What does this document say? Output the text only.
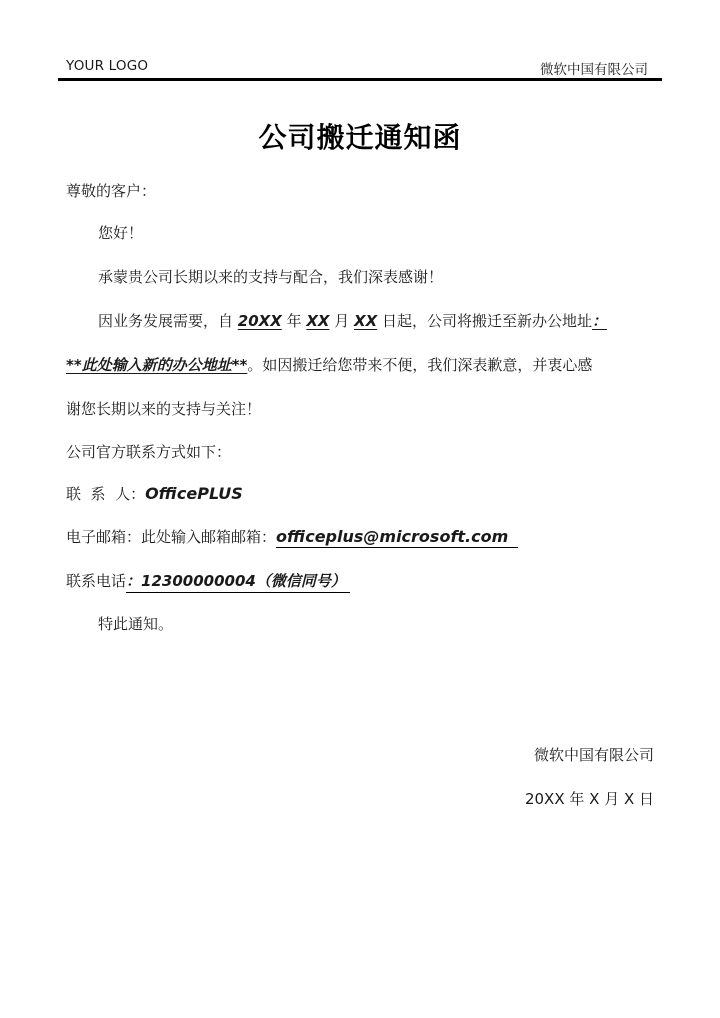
YOUR LOGO	微软中国有限公司
公司搬迁通知函
尊敬的客户：
您好！
承蒙贵公司长期以来的支持与配合，我们深表感谢！
因业务发展需要，自 20XX 年 XX 月 XX 日起，公司将搬迁至新办公地址：
**此处输入新的办公地址**。如因搬迁给您带来不便，我们深表歉意，并衷心感
谢您长期以来的支持与关注！
公司官方联系方式如下：
联  系  人：OfficePLUS
电子邮箱：此处输入邮箱邮箱：officeplus@microsoft.com
联系电话：12300000004（微信同号）
特此通知。
微软中国有限公司
20XX 年 X 月 X 日
